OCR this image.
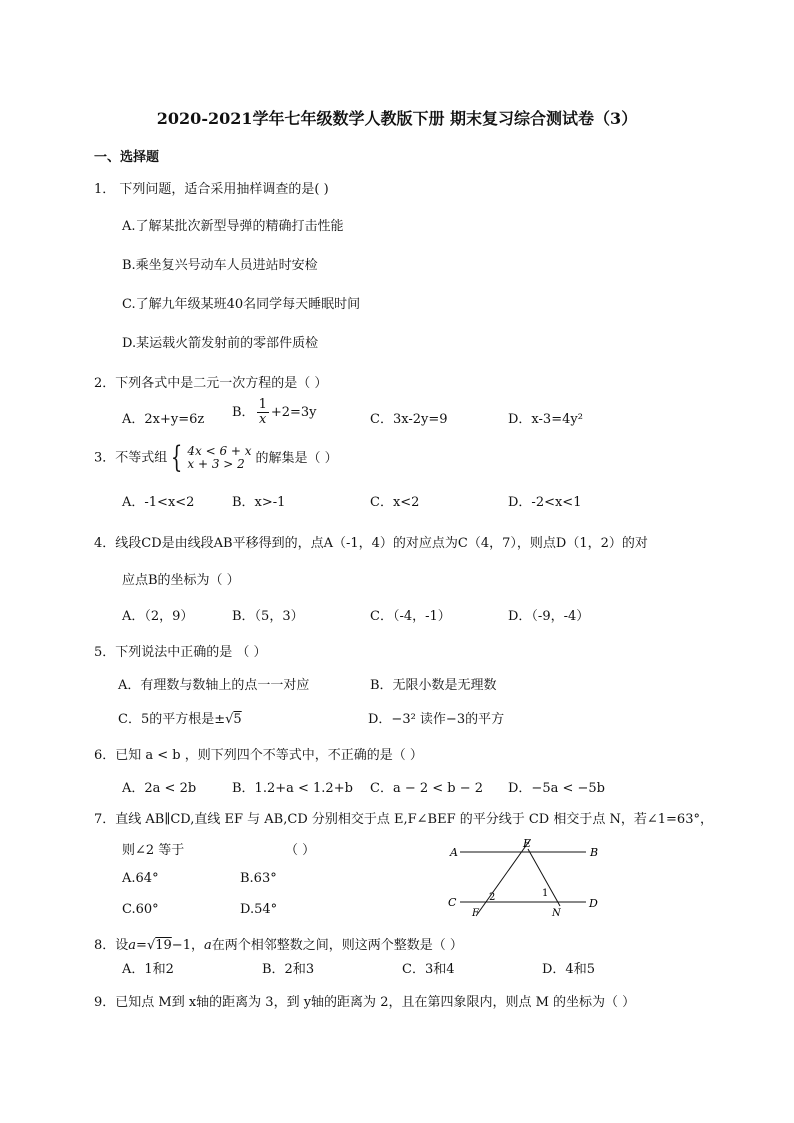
2020-2021学年七年级数学人教版下册 期末复习综合测试卷（3）
一、选择题
1． 下列问题，适合采用抽样调查的是( )
A.了解某批次新型导弹的精确打击性能
B.乘坐复兴号动车人员进站时安检
C.了解九年级某班40名同学每天睡眠时间
D.某运载火箭发射前的零部件质检
2．下列各式中是二元一次方程的是（ ）
A．2x+y=6z B． $\frac{1}{x} +2=3y$	C．3x-2y=9	D．x-3=4y²
3．不等式组 { 4x < 6 + x
x + 3 > 2 的解集是（ ）
A．-1<x<2	B．x>-1	C．x<2	D．-2<x<1
4．线段CD是由线段AB平移得到的，点A（-1，4）的对应点为C（4，7），则点D（1，2）的对
应点B的坐标为（ ）
A．（2，9）	B．（5，3）	C．（-4，-1）	D．（-9，-4）
5．下列说法中正确的是 （ ）
A．有理数与数轴上的点一一对应	B．无限小数是无理数
C．5的平方根是±√5	D．−3² 读作−3的平方
6．已知 a < b ，则下列四个不等式中，不正确的是（ ）
A．2a < 2b	B．1.2+a < 1.2+b C．a − 2 < b − 2 D．−5a < −5b
7．直线 AB∥CD,直线 EF 与 AB,CD 分别相交于点 E,F∠BEF 的平分线于 CD 相交于点 N，若∠1=63°，
则∠2 等于	（ ）
A.64°	B.63°
C.60°	D.54°
A	B
C	D
E
F	N
1
2
8．设a=√19−1，a在两个相邻整数之间，则这两个整数是（ ）
A．1和2	B．2和3	C．3和4	D．4和5
9．已知点 M到 x轴的距离为 3，到 y轴的距离为 2，且在第四象限内，则点 M 的坐标为（ ）
